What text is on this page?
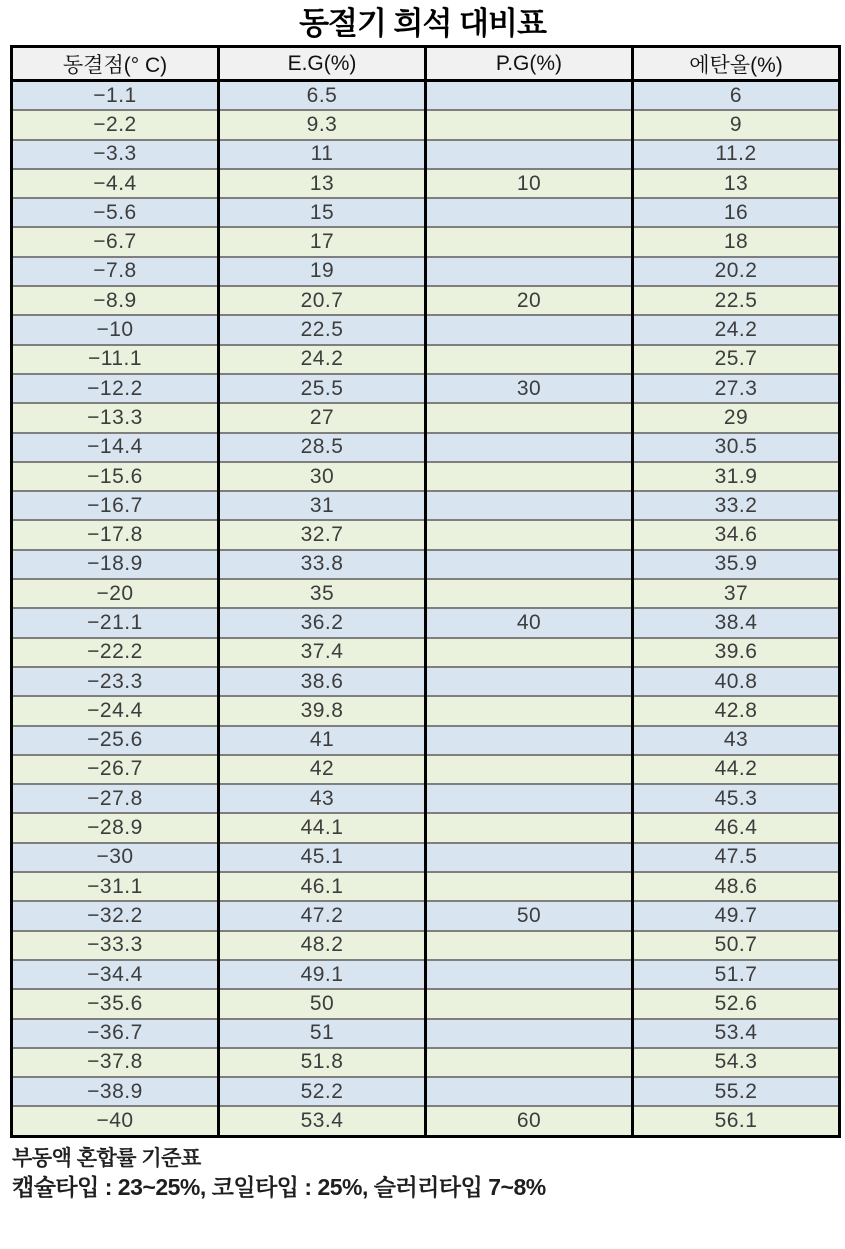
동절기 희석 대비표
동결점(° C)	E.G(%)	P.G(%)	에탄올(%)
−1.1	6.5		6
−2.2	9.3		9
−3.3	11		11.2
−4.4	13	10	13
−5.6	15		16
−6.7	17		18
−7.8	19		20.2
−8.9	20.7	20	22.5
−10	22.5		24.2
−11.1	24.2		25.7
−12.2	25.5	30	27.3
−13.3	27		29
−14.4	28.5		30.5
−15.6	30		31.9
−16.7	31		33.2
−17.8	32.7		34.6
−18.9	33.8		35.9
−20	35		37
−21.1	36.2	40	38.4
−22.2	37.4		39.6
−23.3	38.6		40.8
−24.4	39.8		42.8
−25.6	41		43
−26.7	42		44.2
−27.8	43		45.3
−28.9	44.1		46.4
−30	45.1		47.5
−31.1	46.1		48.6
−32.2	47.2	50	49.7
−33.3	48.2		50.7
−34.4	49.1		51.7
−35.6	50		52.6
−36.7	51		53.4
−37.8	51.8		54.3
−38.9	52.2		55.2
−40	53.4	60	56.1
부동액 혼합률 기준표
캡슐타입 : 23~25%, 코일타입 : 25%, 슬러리타입 7~8%
